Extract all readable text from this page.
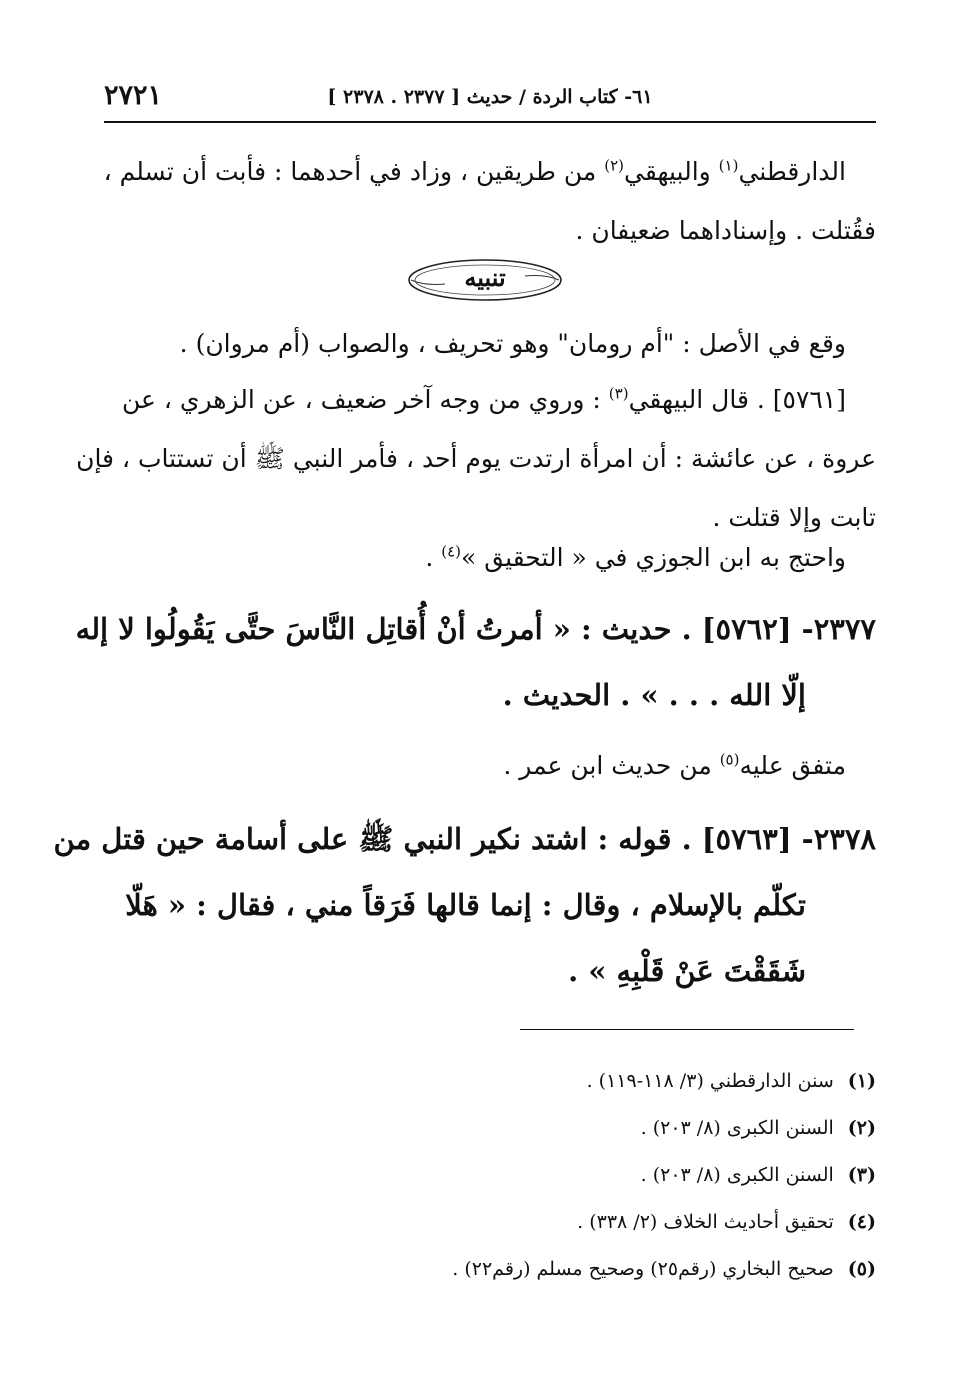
٢٧٢١	٦١- كتاب الردة / حديث [ ٢٣٧٧ . ٢٣٧٨ ]
الدارقطني$^{(١)}$ والبيهقي$^{(٢)}$ من طريقين ، وزاد في أحدهما : فأبت أن تسلم ،
فقُتلت . وإسناداهما ضعيفان .
تنبيه
وقع في الأصل : "أم رومان" وهو تحريف ، والصواب (أم مروان) .
[٥٧٦١] . قال البيهقي$^{(٣)}$ : وروي من وجه آخر ضعيف ، عن الزهري ، عن
عروة ، عن عائشة : أن امرأة ارتدت يوم أحد ، فأمر النبي ﷺ أن تستتاب ، فإن
تابت وإلا قتلت .
واحتج به ابن الجوزي في « التحقيق »$^{(٤)}$ .
٢٣٧٧- [٥٧٦٢] . حديث : « أمرتُ أنْ أُقاتِل النَّاسَ حتَّى يَقُولُوا لا إله
إلّا الله . . . » . الحديث .
متفق عليه$^{(٥)}$ من حديث ابن عمر .
٢٣٧٨- [٥٧٦٣] . قوله : اشتد نكير النبي ﷺ على أسامة حين قتل من
تكلّم بالإسلام ، وقال : إنما قالها فَرَقاً مني ، فقال : « هَلّا
شَقَقْتَ عَنْ قَلْبِهِ » .
(١)
سنن الدارقطني (٣/ ١١٨-١١٩) .
(٢)
السنن الكبرى (٨/ ٢٠٣) .
(٣)
السنن الكبرى (٨/ ٢٠٣) .
(٤)
تحقيق أحاديث الخلاف (٢/ ٣٣٨) .
(٥)
صحيح البخاري (رقم٢٥) وصحيح مسلم (رقم٢٢) .
